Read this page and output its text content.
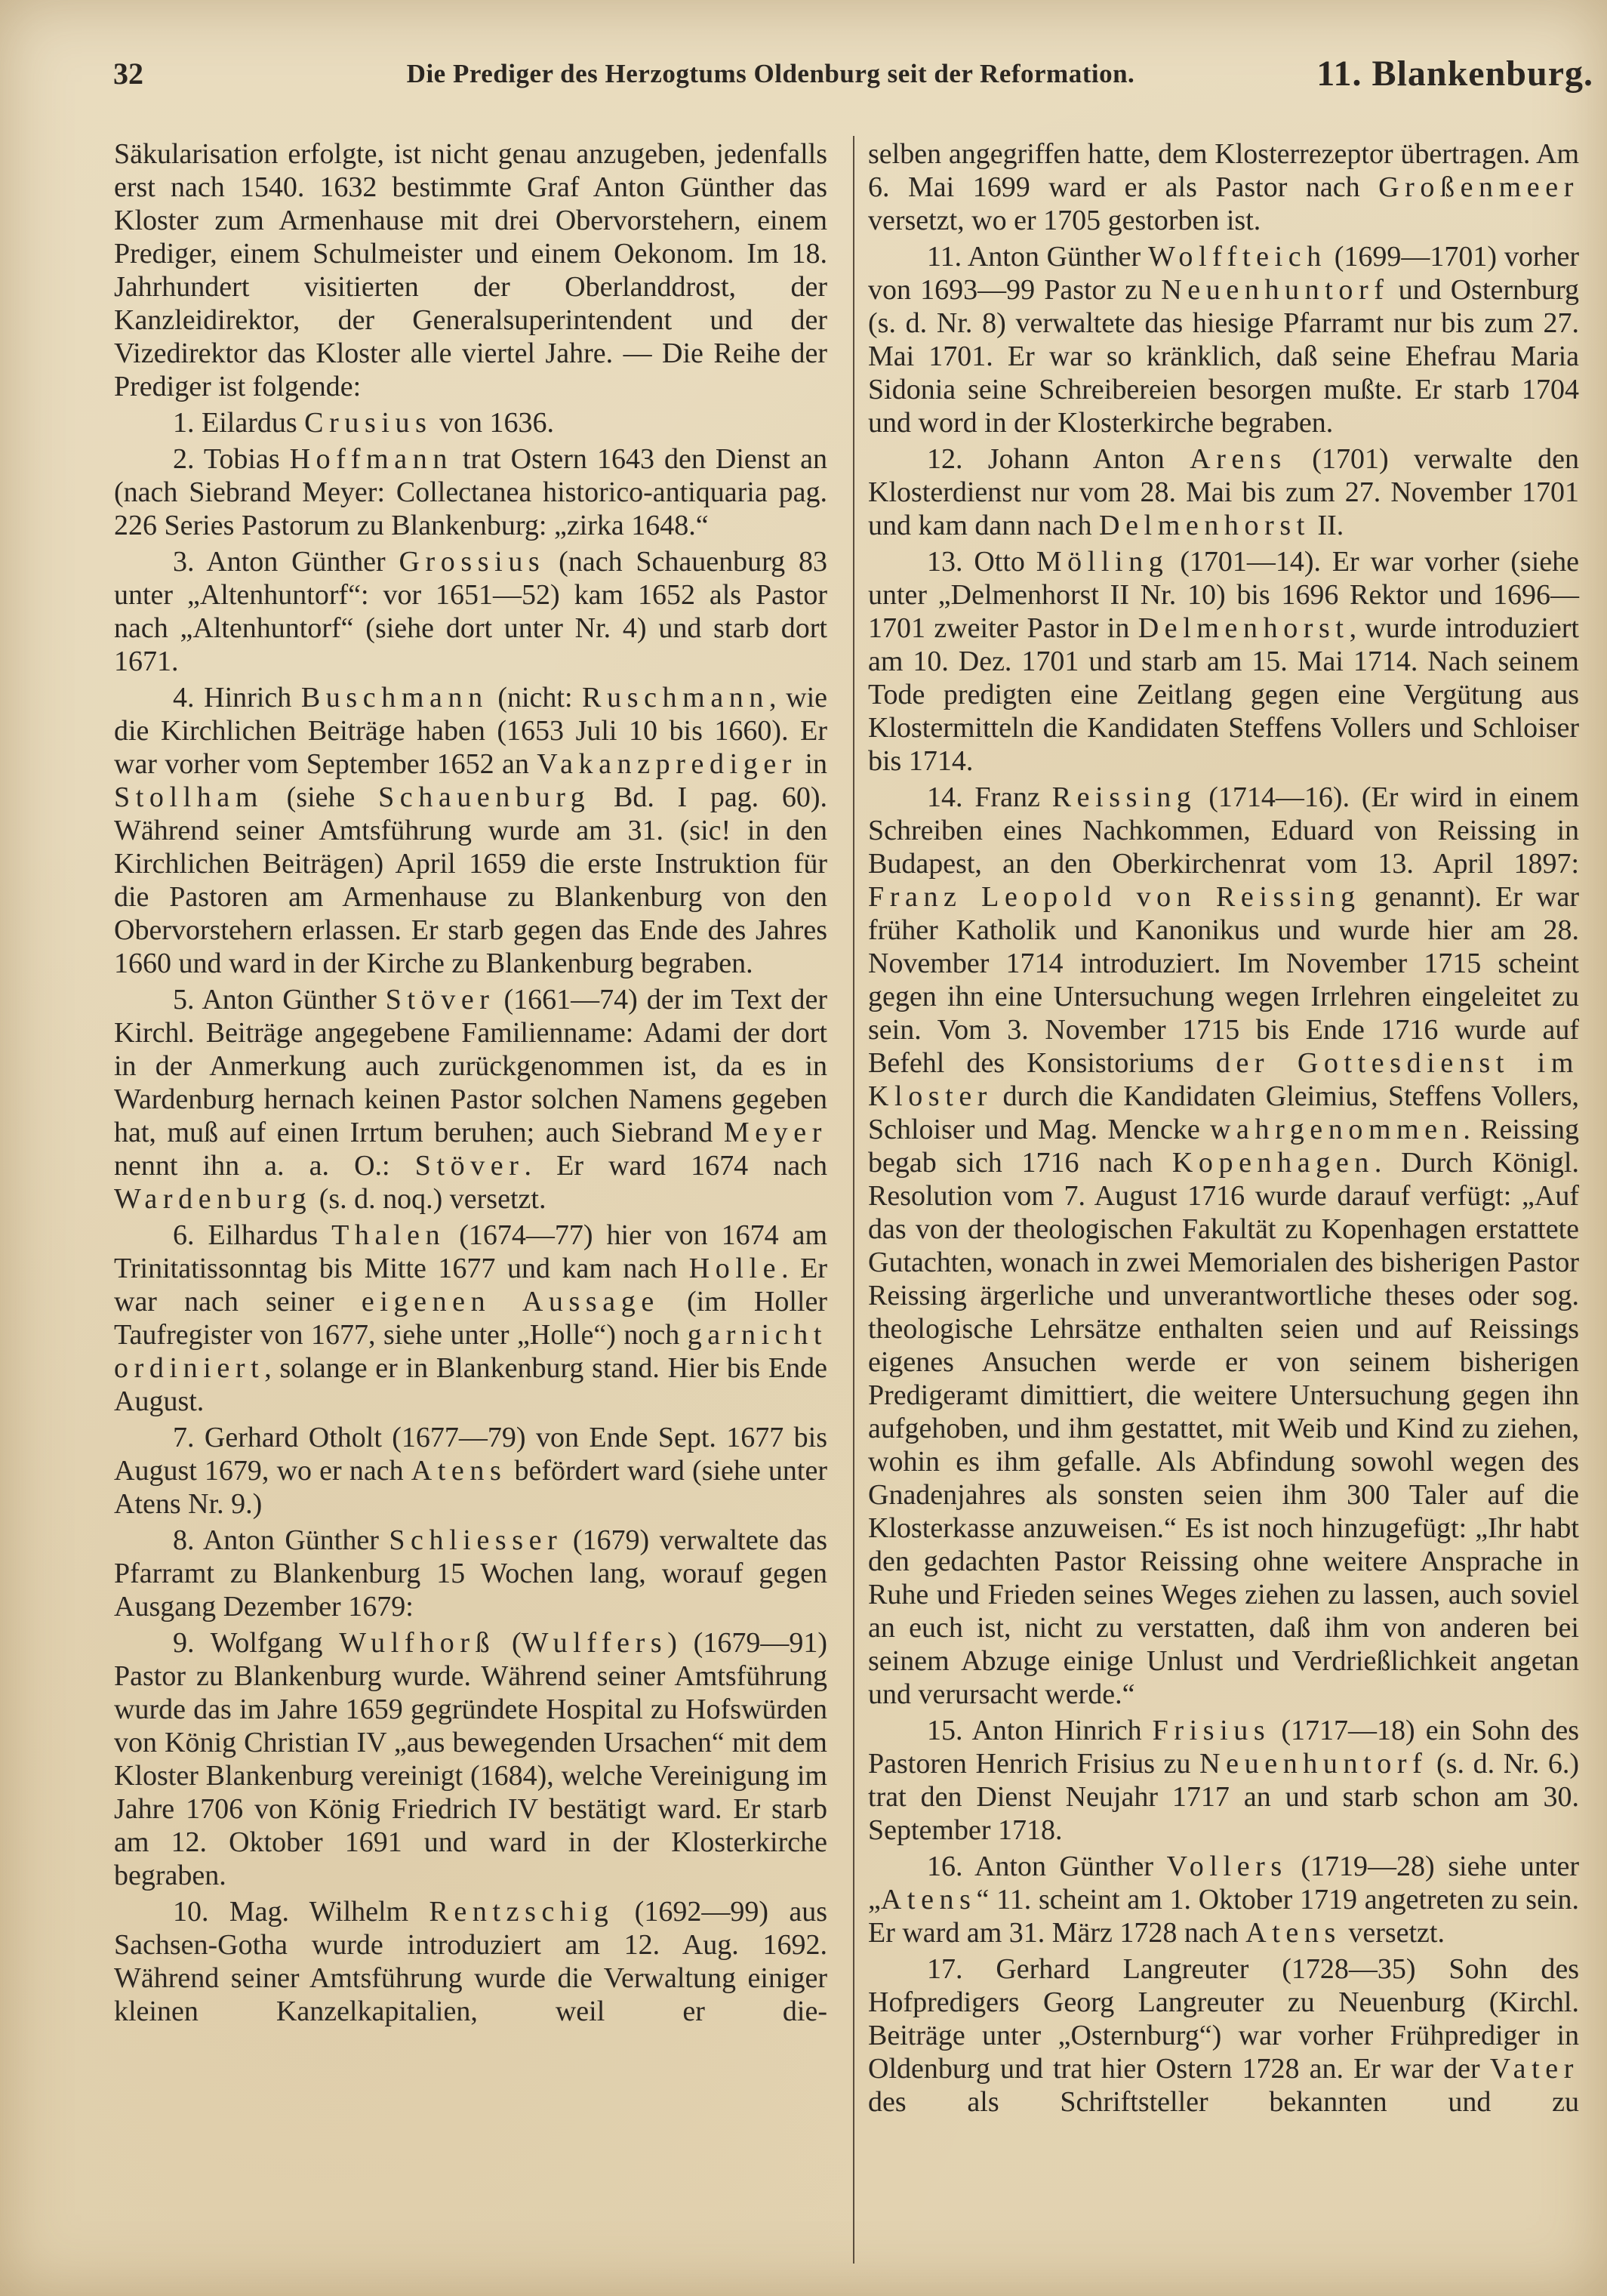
32	Die Prediger des Herzogtums Oldenburg seit der Reformation.	11. Blankenburg.

Säkularisation erfolgte, ist nicht genau anzugeben, jedenfalls erst nach 1540. 1632 bestimmte Graf Anton Günther das Kloster zum Armenhause mit drei Obervorstehern, einem Prediger, einem Schulmeister und einem Oekonom. Im 18. Jahrhundert visitierten der Oberlanddrost, der Kanzleidirektor, der Generalsuperintendent und der Vizedirektor das Kloster alle viertel Jahre. — Die Reihe der Prediger ist folgende:

1. Eilardus Crusius von 1636.

2. Tobias Hoffmann trat Ostern 1643 den Dienst an (nach Siebrand Meyer: Collectanea historico-antiquaria pag. 226 Series Pastorum zu Blankenburg: „zirka 1648.“

3. Anton Günther Grossius (nach Schauenburg 83 unter „Altenhuntorf“: vor 1651—52) kam 1652 als Pastor nach „Altenhuntorf“ (siehe dort unter Nr. 4) und starb dort 1671.

4. Hinrich Buschmann (nicht: Ruschmann, wie die Kirchlichen Beiträge haben (1653 Juli 10 bis 1660). Er war vorher vom September 1652 an Vakanzprediger in Stollham (siehe Schauenburg Bd. I pag. 60). Während seiner Amtsführung wurde am 31. (sic! in den Kirchlichen Beiträgen) April 1659 die erste Instruktion für die Pastoren am Armenhause zu Blankenburg von den Obervorstehern erlassen. Er starb gegen das Ende des Jahres 1660 und ward in der Kirche zu Blankenburg begraben.

5. Anton Günther Stöver (1661—74) der im Text der Kirchl. Beiträge angegebene Familienname: Adami der dort in der Anmerkung auch zurückgenommen ist, da es in Wardenburg hernach keinen Pastor solchen Namens gegeben hat, muß auf einen Irrtum beruhen; auch Siebrand Meyer nennt ihn a. a. O.: Stöver. Er ward 1674 nach Wardenburg (s. d. noq.) versetzt.

6. Eilhardus Thalen (1674—77) hier von 1674 am Trinitatissonntag bis Mitte 1677 und kam nach Holle. Er war nach seiner eigenen Aussage (im Holler Taufregister von 1677, siehe unter „Holle“) noch garnicht ordiniert, solange er in Blankenburg stand. Hier bis Ende August.

7. Gerhard Otholt (1677—79) von Ende Sept. 1677 bis August 1679, wo er nach Atens befördert ward (siehe unter Atens Nr. 9.)

8. Anton Günther Schliesser (1679) verwaltete das Pfarramt zu Blankenburg 15 Wochen lang, worauf gegen Ausgang Dezember 1679:

9. Wolfgang Wulfhorß (Wulffers) (1679—91) Pastor zu Blankenburg wurde. Während seiner Amtsführung wurde das im Jahre 1659 gegründete Hospital zu Hofswürden von König Christian IV „aus bewegenden Ursachen“ mit dem Kloster Blankenburg vereinigt (1684), welche Vereinigung im Jahre 1706 von König Friedrich IV bestätigt ward. Er starb am 12. Oktober 1691 und ward in der Klosterkirche begraben.

10. Mag. Wilhelm Rentzschig (1692—99) aus Sachsen-Gotha wurde introduziert am 12. Aug. 1692. Während seiner Amtsführung wurde die Verwaltung einiger kleinen Kanzelkapitalien, weil er die-

selben angegriffen hatte, dem Klosterrezeptor übertragen. Am 6. Mai 1699 ward er als Pastor nach Großenmeer versetzt, wo er 1705 gestorben ist.

11. Anton Günther Wolffteich (1699—1701) vorher von 1693—99 Pastor zu Neuenhuntorf und Osternburg (s. d. Nr. 8) verwaltete das hiesige Pfarramt nur bis zum 27. Mai 1701. Er war so kränklich, daß seine Ehefrau Maria Sidonia seine Schreibereien besorgen mußte. Er starb 1704 und word in der Klosterkirche begraben.

12. Johann Anton Arens (1701) verwalte den Klosterdienst nur vom 28. Mai bis zum 27. November 1701 und kam dann nach Delmenhorst II.

13. Otto Mölling (1701—14). Er war vorher (siehe unter „Delmenhorst II Nr. 10) bis 1696 Rektor und 1696—1701 zweiter Pastor in Delmenhorst, wurde introduziert am 10. Dez. 1701 und starb am 15. Mai 1714. Nach seinem Tode predigten eine Zeitlang gegen eine Vergütung aus Klostermitteln die Kandidaten Steffens Vollers und Schloiser bis 1714.

14. Franz Reissing (1714—16). (Er wird in einem Schreiben eines Nachkommen, Eduard von Reissing in Budapest, an den Oberkirchenrat vom 13. April 1897: Franz Leopold von Reissing genannt). Er war früher Katholik und Kanonikus und wurde hier am 28. November 1714 introduziert. Im November 1715 scheint gegen ihn eine Untersuchung wegen Irrlehren eingeleitet zu sein. Vom 3. November 1715 bis Ende 1716 wurde auf Befehl des Konsistoriums der Gottesdienst im Kloster durch die Kandidaten Gleimius, Steffens Vollers, Schloiser und Mag. Mencke wahrgenommen. Reissing begab sich 1716 nach Kopenhagen. Durch Königl. Resolution vom 7. August 1716 wurde darauf verfügt: „Auf das von der theologischen Fakultät zu Kopenhagen erstattete Gutachten, wonach in zwei Memorialen des bisherigen Pastor Reissing ärgerliche und unverantwortliche theses oder sog. theologische Lehrsätze enthalten seien und auf Reissings eigenes Ansuchen werde er von seinem bisherigen Predigeramt dimittiert, die weitere Untersuchung gegen ihn aufgehoben, und ihm gestattet, mit Weib und Kind zu ziehen, wohin es ihm gefalle. Als Abfindung sowohl wegen des Gnadenjahres als sonsten seien ihm 300 Taler auf die Klosterkasse anzuweisen.“ Es ist noch hinzugefügt: „Ihr habt den gedachten Pastor Reissing ohne weitere Ansprache in Ruhe und Frieden seines Weges ziehen zu lassen, auch soviel an euch ist, nicht zu verstatten, daß ihm von anderen bei seinem Abzuge einige Unlust und Verdrießlichkeit angetan und verursacht werde.“

15. Anton Hinrich Frisius (1717—18) ein Sohn des Pastoren Henrich Frisius zu Neuenhuntorf (s. d. Nr. 6.) trat den Dienst Neujahr 1717 an und starb schon am 30. September 1718.

16. Anton Günther Vollers (1719—28) siehe unter „Atens“ 11. scheint am 1. Oktober 1719 angetreten zu sein. Er ward am 31. März 1728 nach Atens versetzt.

17. Gerhard Langreuter (1728—35) Sohn des Hofpredigers Georg Langreuter zu Neuenburg (Kirchl. Beiträge unter „Osternburg“) war vorher Frühprediger in Oldenburg und trat hier Ostern 1728 an. Er war der Vater des als Schriftsteller bekannten und zu
